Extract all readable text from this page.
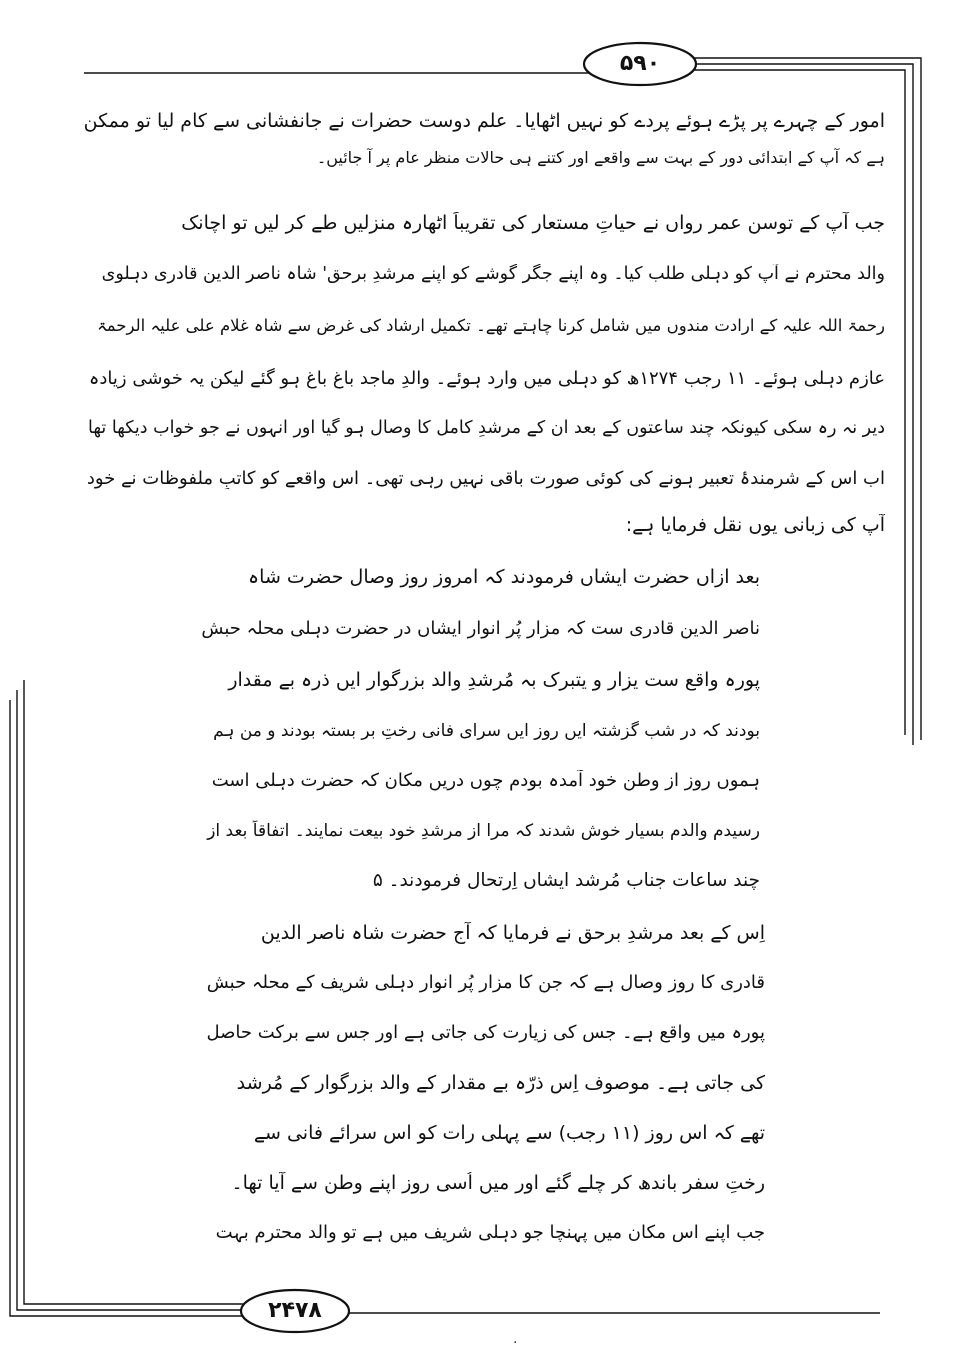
۵۹۰
۲۴۷۸
امور کے چہرے پر پڑے ہوئے پردے کو نہیں اٹھایا۔ علمِ دوست حضرات نے جانفشانی سے کام لیا تو ممکن
ہے کہ آپ کے ابتدائی دور کے بہت سے واقعے اور کتنے ہی حالات منظرِ عام پر آ جائیں۔
جب آپ کے توسنِ عمرِ رواں نے حیاتِ مستعار کی تقریباً اٹھارہ منزلیں طے کر لیں تو اچانک
والد محترم نے آپ کو دہلی طلب کیا۔ وہ اپنے جگر گوشے کو اپنے مرشدِ برحق' شاہ ناصر الدین قادری دہلوی
رحمۃ اللہ علیہ کے ارادت مندوں میں شامل کرنا چاہتے تھے۔ تکمیلِ ارشاد کی غرض سے شاہ غلام علی علیہ الرحمۃ
عازمِ دہلی ہوئے۔ ۱۱ رجب ۱۲۷۴ھ کو دہلی میں وارد ہوئے۔ والدِ ماجد باغ باغ ہو گئے لیکن یہ خوشی زیادہ
دیر نہ رہ سکی کیونکہ چند ساعتوں کے بعد ان کے مرشدِ کامل کا وصال ہو گیا اور انہوں نے جو خواب دیکھا تھا
اب اس کے شرمندۂ تعبیر ہونے کی کوئی صورت باقی نہیں رہی تھی۔ اس واقعے کو کاتبِ ملفوظات نے خود
آپ کی زبانی یوں نقل فرمایا ہے:
بعد ازاں حضرت ایشاں فرمودند کہ امروز روزِ وصال حضرت شاہ
ناصر الدین قادری ست کہ مزارِ پُر انوارِ ایشاں در حضرت دہلی محلہ حبش
پورہ واقع ست یزار و یتبرک بہ مُرشدِ والد بزرگوار ایں ذرہ بے مقدار
بودند کہ در شب گزشتہ ایں روز ایں سرای فانی رختِ بر بستہ بودند و من ہم
ہموں روز از وطنِ خود آمدہ بودم چوں دریں مکان کہ حضرت دہلی است
رسیدم والدم بسیار خوش شدند کہ مرا از مرشدِ خود بیعت نمایند۔ اتفاقاً بعد از
چند ساعات جناب مُرشد ایشاں اِرتحال فرمودند۔ ۵
اِس کے بعد مرشدِ برحق نے فرمایا کہ آج حضرت شاہ ناصر الدین
قادری کا روزِ وصال ہے کہ جن کا مزار پُر انوار دہلی شریف کے محلہ حبش
پورہ میں واقع ہے۔ جس کی زیارت کی جاتی ہے اور جس سے برکت حاصل
کی جاتی ہے۔ موصوف اِس ذرّہ بے مقدار کے والد بزرگوار کے مُرشد
تھے کہ اس روز (۱۱ رجب) سے پہلی رات کو اس سرائے فانی سے
رختِ سفر باندھ کر چلے گئے اور میں اُسی روز اپنے وطن سے آیا تھا۔
جب اپنے اس مکان میں پہنچا جو دہلی شریف میں ہے تو والد محترم بہت
·
